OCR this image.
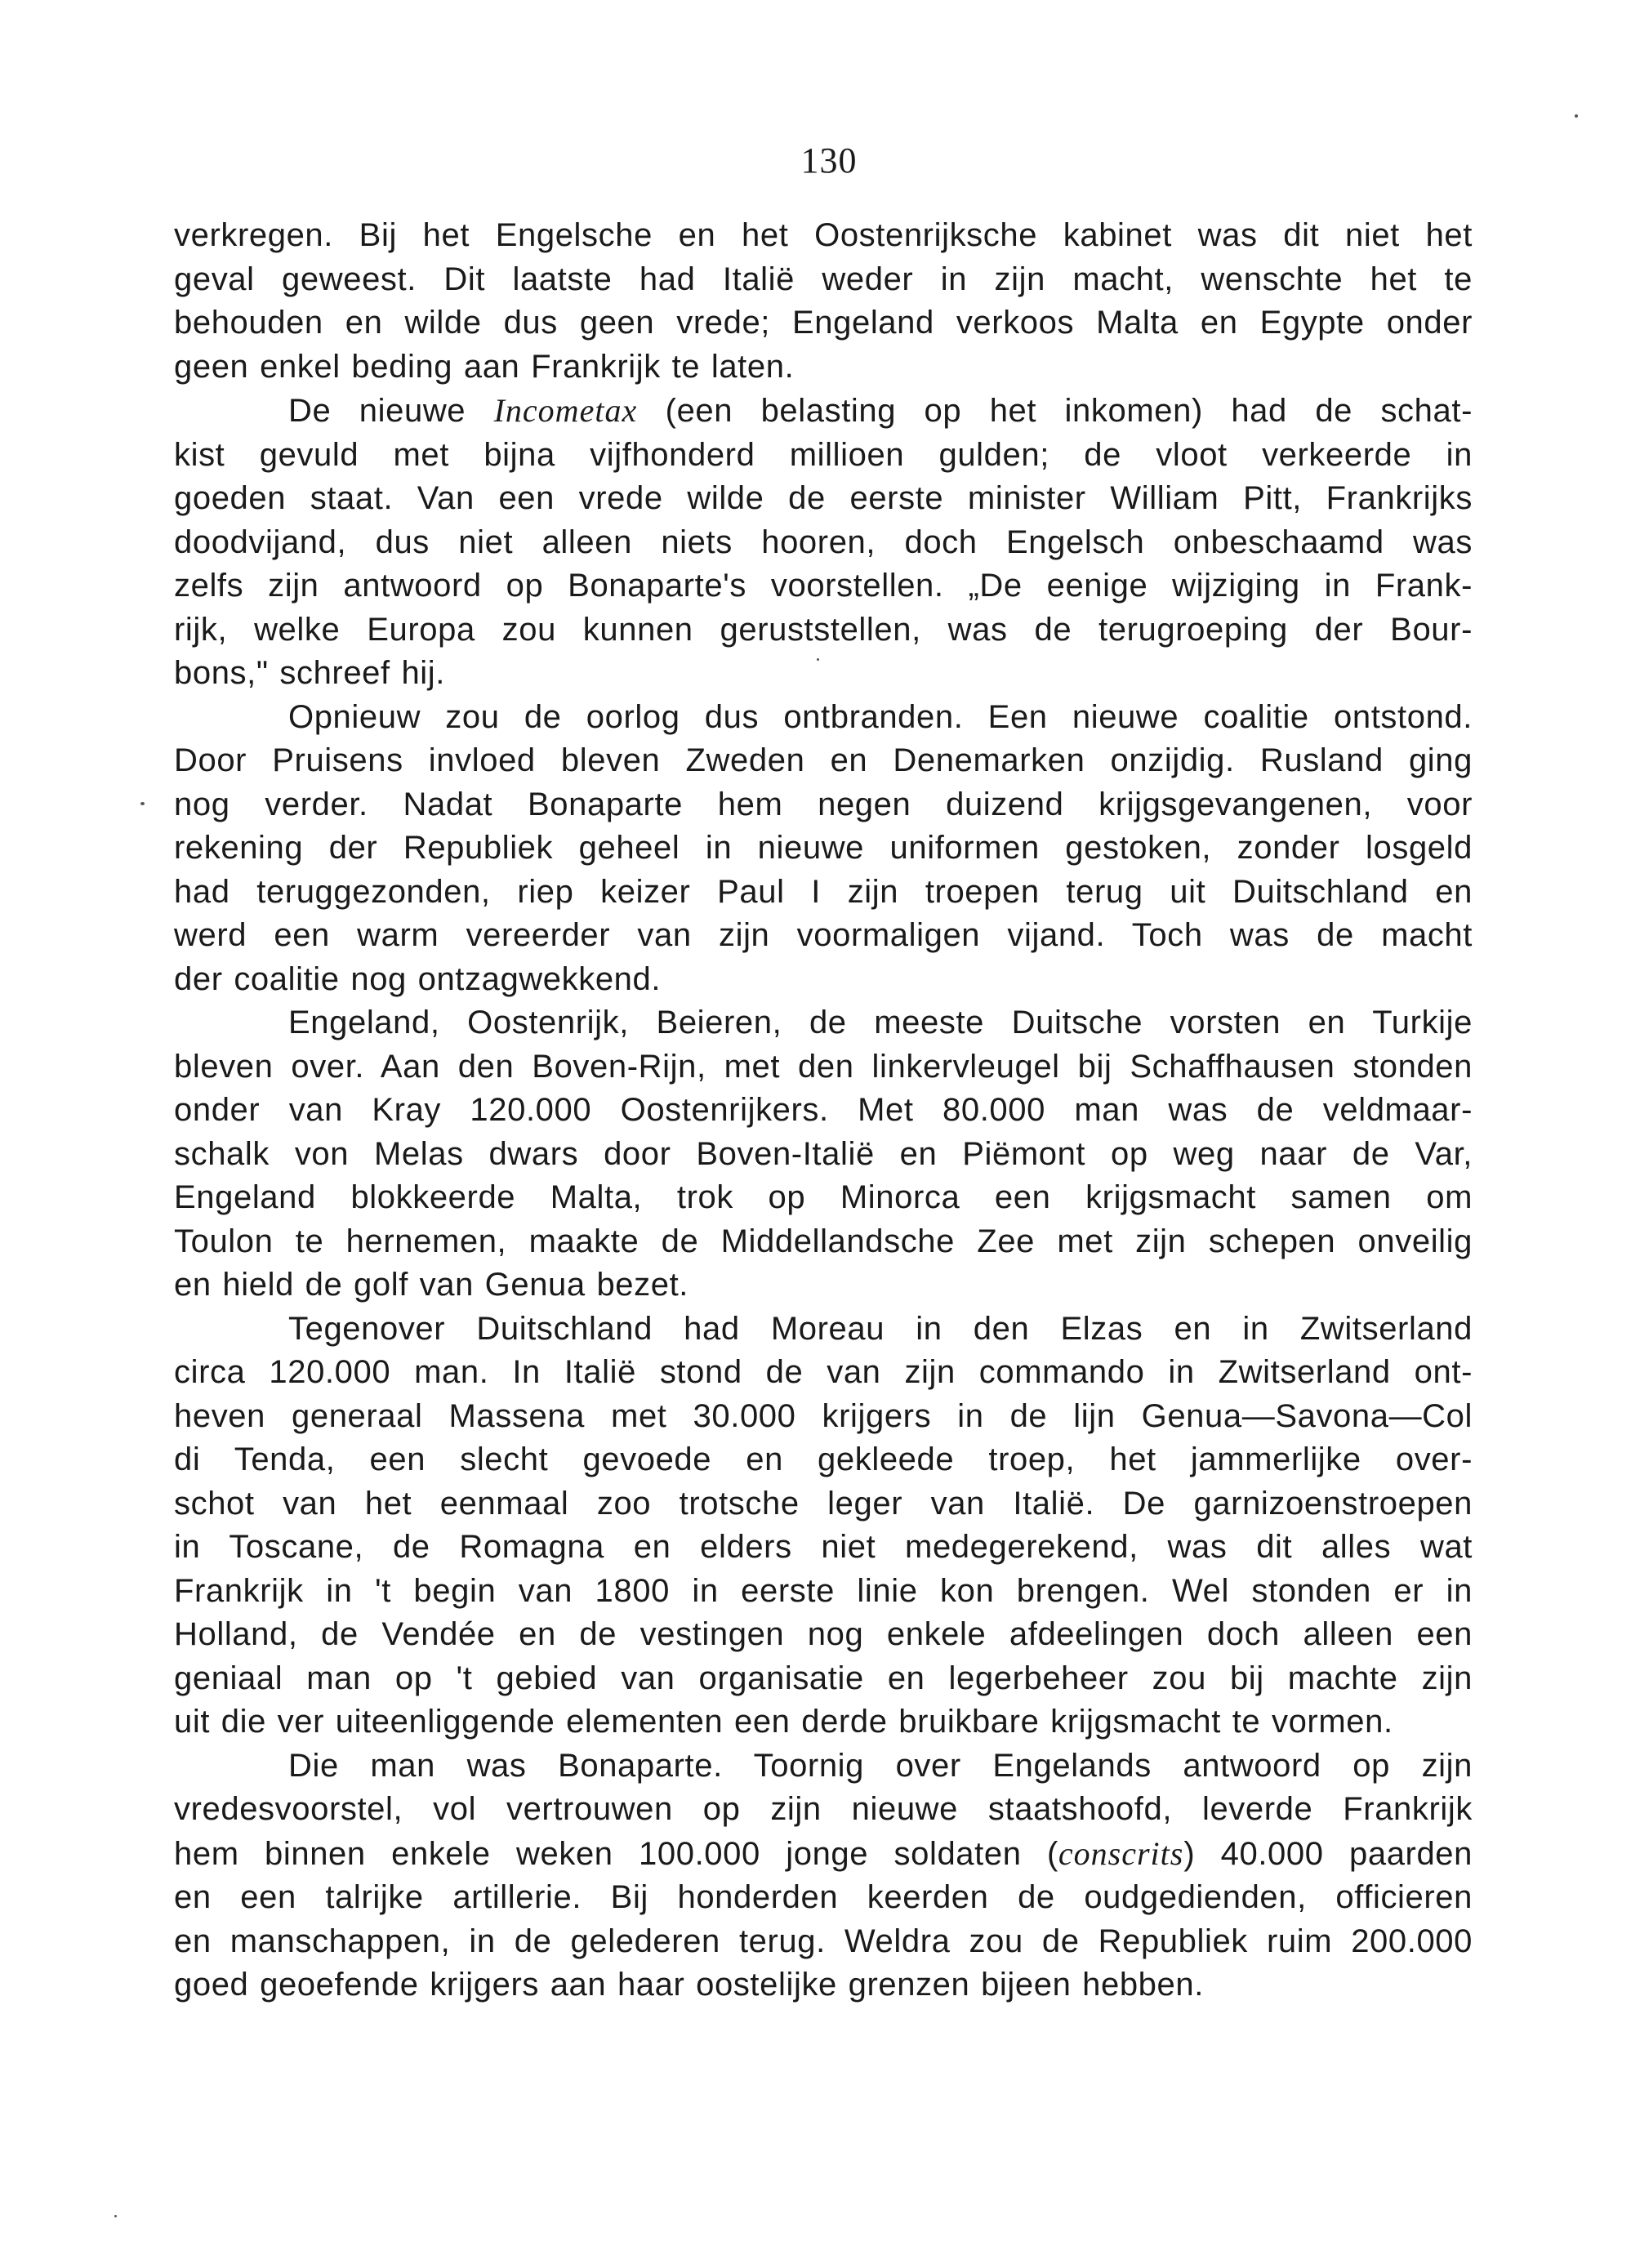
130
verkregen. Bij het Engelsche en het Oostenrijksche kabinet was dit niet het
geval geweest. Dit laatste had Italië weder in zijn macht, wenschte het te
behouden en wilde dus geen vrede; Engeland verkoos Malta en Egypte onder
geen enkel beding aan Frankrijk te laten.
De nieuwe Incometax (een belasting op het inkomen) had de schat-
kist gevuld met bijna vijfhonderd millioen gulden; de vloot verkeerde in
goeden staat. Van een vrede wilde de eerste minister William Pitt, Frankrijks
doodvijand, dus niet alleen niets hooren, doch Engelsch onbeschaamd was
zelfs zijn antwoord op Bonaparte's voorstellen. „De eenige wijziging in Frank-
rijk, welke Europa zou kunnen geruststellen, was de terugroeping der Bour-
bons," schreef hij.
Opnieuw zou de oorlog dus ontbranden. Een nieuwe coalitie ontstond.
Door Pruisens invloed bleven Zweden en Denemarken onzijdig. Rusland ging
nog verder. Nadat Bonaparte hem negen duizend krijgsgevangenen, voor
rekening der Republiek geheel in nieuwe uniformen gestoken, zonder losgeld
had teruggezonden, riep keizer Paul I zijn troepen terug uit Duitschland en
werd een warm vereerder van zijn voormaligen vijand. Toch was de macht
der coalitie nog ontzagwekkend.
Engeland, Oostenrijk, Beieren, de meeste Duitsche vorsten en Turkije
bleven over. Aan den Boven-Rijn, met den linkervleugel bij Schaffhausen stonden
onder van Kray 120.000 Oostenrijkers. Met 80.000 man was de veldmaar-
schalk von Melas dwars door Boven-Italië en Piëmont op weg naar de Var,
Engeland blokkeerde Malta, trok op Minorca een krijgsmacht samen om
Toulon te hernemen, maakte de Middellandsche Zee met zijn schepen onveilig
en hield de golf van Genua bezet.
Tegenover Duitschland had Moreau in den Elzas en in Zwitserland
circa 120.000 man. In Italië stond de van zijn commando in Zwitserland ont-
heven generaal Massena met 30.000 krijgers in de lijn Genua—Savona—Col
di Tenda, een slecht gevoede en gekleede troep, het jammerlijke over-
schot van het eenmaal zoo trotsche leger van Italië. De garnizoenstroepen
in Toscane, de Romagna en elders niet medegerekend, was dit alles wat
Frankrijk in 't begin van 1800 in eerste linie kon brengen. Wel stonden er in
Holland, de Vendée en de vestingen nog enkele afdeelingen doch alleen een
geniaal man op 't gebied van organisatie en legerbeheer zou bij machte zijn
uit die ver uiteenliggende elementen een derde bruikbare krijgsmacht te vormen.
Die man was Bonaparte. Toornig over Engelands antwoord op zijn
vredesvoorstel, vol vertrouwen op zijn nieuwe staatshoofd, leverde Frankrijk
hem binnen enkele weken 100.000 jonge soldaten (conscrits) 40.000 paarden
en een talrijke artillerie. Bij honderden keerden de oudgedienden, officieren
en manschappen, in de gelederen terug. Weldra zou de Republiek ruim 200.000
goed geoefende krijgers aan haar oostelijke grenzen bijeen hebben.
